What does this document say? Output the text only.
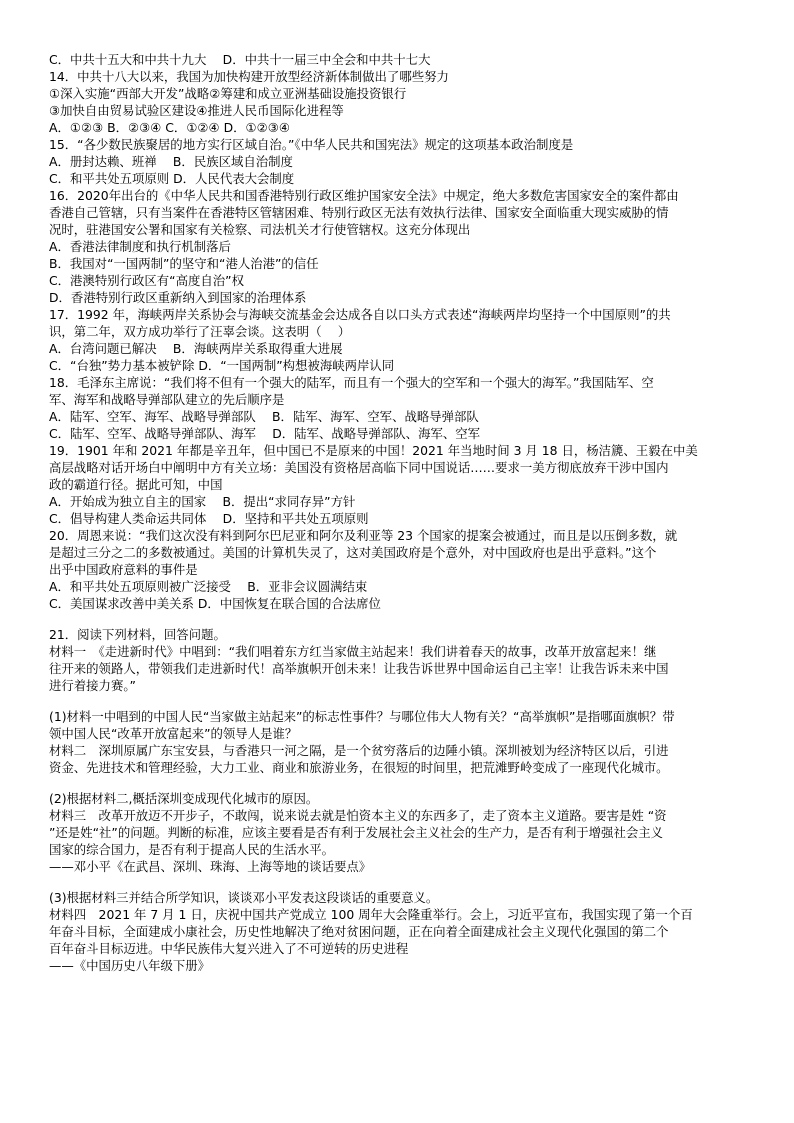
C．中共十五大和中共十九大　 D．中共十一届三中全会和中共十七大
14．中共十八大以来，我国为加快构建开放型经济新体制做出了哪些努力
①深入实施“西部大开发”战略②筹建和成立亚洲基础设施投资银行
③加快自由贸易试验区建设④推进人民币国际化进程等
A．①②③ B．②③④ C．①②④ D．①②③④
15．“各少数民族聚居的地方实行区域自治。”《中华人民共和国宪法》规定的这项基本政治制度是
A．册封达赖、班禅　 B．民族区域自治制度
C．和平共处五项原则 D．人民代表大会制度
16．2020年出台的《中华人民共和国香港特别行政区维护国家安全法》中规定，绝大多数危害国家安全的案件都由
香港自己管辖，只有当案件在香港特区管辖困难、特别行政区无法有效执行法律、国家安全面临重大现实威胁的情
况时，驻港国安公署和国家有关检察、司法机关才行使管辖权。这充分体现出
A．香港法律制度和执行机制落后
B．我国对“一国两制”的坚守和“港人治港”的信任
C．港澳特别行政区有“高度自治”权
D．香港特别行政区重新纳入到国家的治理体系
17．1992 年，海峡两岸关系协会与海峡交流基金会达成各自以口头方式表述“海峡两岸均坚持一个中国原则”的共
识，第二年，双方成功举行了汪辜会谈。这表明（　 ）
A．台湾问题已解决　 B．海峡两岸关系取得重大进展
C．“台独”势力基本被铲除 D．“一国两制”构想被海峡两岸认同
18．毛泽东主席说：“我们将不但有一个强大的陆军，而且有一个强大的空军和一个强大的海军。”我国陆军、空
军、海军和战略导弹部队建立的先后顺序是
A．陆军、空军、海军、战略导弹部队　 B．陆军、海军、空军、战略导弹部队
C．陆军、空军、战略导弹部队、海军　 D．陆军、战略导弹部队、海军、空军
19．1901 年和 2021 年都是辛丑年，但中国已不是原来的中国！2021 年当地时间 3 月 18 日，杨洁篪、王毅在中美
高层战略对话开场白中阐明中方有关立场：美国没有资格居高临下同中国说话……要求一美方彻底放弃干涉中国内
政的霸道行径。据此可知，中国
A．开始成为独立自主的国家　 B．提出“求同存异”方针
C．倡导构建人类命运共同体　 D．坚持和平共处五项原则
20．周恩来说：“我们这次没有料到阿尔巴尼亚和阿尔及利亚等 23 个国家的提案会被通过，而且是以压倒多数，就
是超过三分之二的多数被通过。美国的计算机失灵了，这对美国政府是个意外，对中国政府也是出乎意料。”这个
出乎中国政府意料的事件是
A．和平共处五项原则被广泛接受　 B．亚非会议圆满结束
C．美国谋求改善中美关系 D．中国恢复在联合国的合法席位
21．阅读下列材料，回答问题。
材料一　《走进新时代》中唱到：“我们唱着东方红当家做主站起来！我们讲着春天的故事，改革开放富起来！继
往开来的领路人，带领我们走进新时代！高举旗帜开创未来！让我告诉世界中国命运自己主宰！让我告诉未来中国
进行着接力赛。”
(1)材料一中唱到的中国人民“当家做主站起来”的标志性事件？与哪位伟大人物有关？“高举旗帜”是指哪面旗帜？带
领中国人民“改革开放富起来”的领导人是谁？
材料二　深圳原属广东宝安县，与香港只一河之隔，是一个贫穷落后的边陲小镇。深圳被划为经济特区以后，引进
资金、先进技术和管理经验，大力工业、商业和旅游业务，在很短的时间里，把荒滩野岭变成了一座现代化城市。
(2)根据材料二,概括深圳变成现代化城市的原因。
材料三　改革开放迈不开步子，不敢闯，说来说去就是怕资本主义的东西多了，走了资本主义道路。要害是姓 “资
”还是姓“社”的问题。判断的标准，应该主要看是否有利于发展社会主义社会的生产力，是否有利于增强社会主义
国家的综合国力，是否有利于提高人民的生活水平。
——邓小平《在武昌、深圳、珠海、上海等地的谈话要点》
(3)根据材料三并结合所学知识，谈谈邓小平发表这段谈话的重要意义。
材料四　2021 年 7 月 1 日，庆祝中国共产党成立 100 周年大会隆重举行。会上，习近平宣布，我国实现了第一个百
年奋斗目标，全面建成小康社会，历史性地解决了绝对贫困问题，正在向着全面建成社会主义现代化强国的第二个
百年奋斗目标迈进。中华民族伟大复兴进入了不可逆转的历史进程
——《中国历史八年级下册》
